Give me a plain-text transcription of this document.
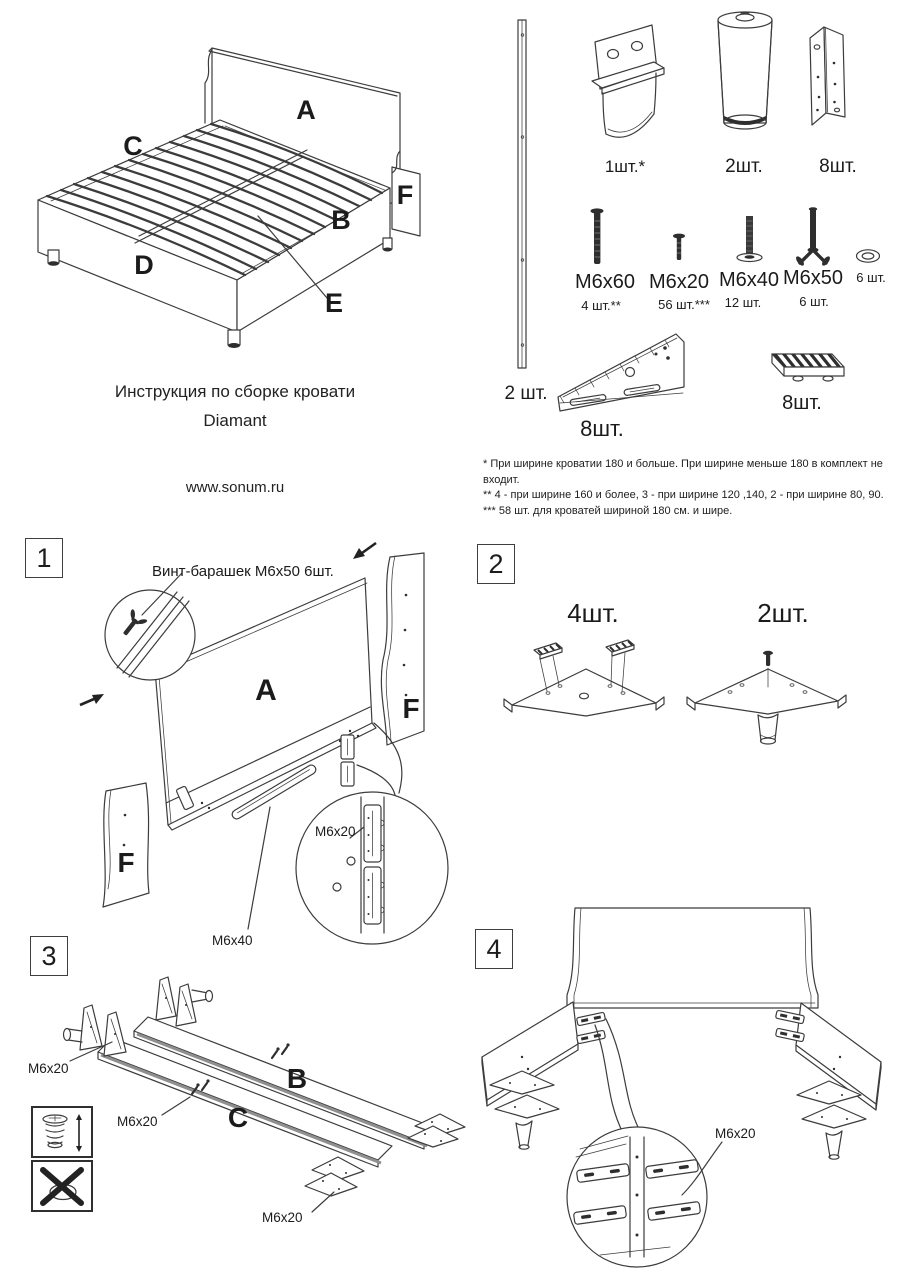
A
C
F
B
D
E
Инструкция по сборке кровати
Diamant
www.sonum.ru
2 шт.
1шт.*	2шт.	8шт.
M6x60 M6x20 M6x40 M6x50 6 шт.
4 шт.**	56 шт.*** 12 шт.	6 шт.
8шт.
8шт.
* При ширине кроватии 180 и больше. При ширине меньше 180 в комплект не входит.
** 4 - при ширине 160 и более, 3 - при ширине 120 ,140, 2 - при ширине 80, 90.
*** 58 шт. для кроватей шириной 180 см. и шире.
1	Винт-барашек М6х50 6шт.
A
F
F
M6x40
M6x20
2
4шт.	2шт.
3
B
C
M6x20
M6x20
M6x20
4
M6x20
